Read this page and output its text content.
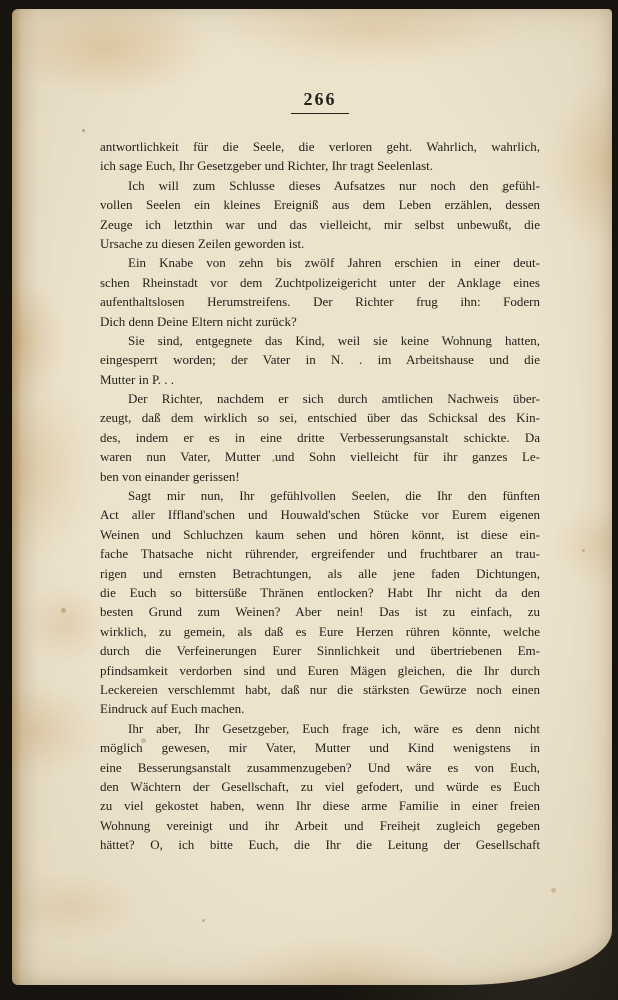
266
antwortlichkeit für die Seele, die verloren geht. Wahrlich, wahrlich,
ich sage Euch, Ihr Gesetzgeber und Richter, Ihr tragt Seelenlast.
Ich will zum Schlusse dieses Aufsatzes nur noch den gefühl-
vollen Seelen ein kleines Ereigniß aus dem Leben erzählen, dessen
Zeuge ich letzthin war und das vielleicht, mir selbst unbewußt, die
Ursache zu diesen Zeilen geworden ist.
Ein Knabe von zehn bis zwölf Jahren erschien in einer deut-
schen Rheinstadt vor dem Zuchtpolizeigericht unter der Anklage eines
aufenthaltslosen Herumstreifens. Der Richter frug ihn: Fodern
Dich denn Deine Eltern nicht zurück?
Sie sind, entgegnete das Kind, weil sie keine Wohnung hatten,
eingesperrt worden; der Vater in N. . im Arbeitshause und die
Mutter in P. . .
Der Richter, nachdem er sich durch amtlichen Nachweis über-
zeugt, daß dem wirklich so sei, entschied über das Schicksal des Kin-
des, indem er es in eine dritte Verbesserungsanstalt schickte. Da
waren nun Vater, Mutter und Sohn vielleicht für ihr ganzes Le-
ben von einander gerissen!
Sagt mir nun, Ihr gefühlvollen Seelen, die Ihr den fünften
Act aller Iffland'schen und Houwald'schen Stücke vor Eurem eigenen
Weinen und Schluchzen kaum sehen und hören könnt, ist diese ein-
fache Thatsache nicht rührender, ergreifender und fruchtbarer an trau-
rigen und ernsten Betrachtungen, als alle jene faden Dichtungen,
die Euch so bittersüße Thränen entlocken? Habt Ihr nicht da den
besten Grund zum Weinen? Aber nein! Das ist zu einfach, zu
wirklich, zu gemein, als daß es Eure Herzen rühren könnte, welche
durch die Verfeinerungen Eurer Sinnlichkeit und übertriebenen Em-
pfindsamkeit verdorben sind und Euren Mägen gleichen, die Ihr durch
Leckereien verschlemmt habt, daß nur die stärksten Gewürze noch einen
Eindruck auf Euch machen.
Ihr aber, Ihr Gesetzgeber, Euch frage ich, wäre es denn nicht
möglich gewesen, mir Vater, Mutter und Kind wenigstens in
eine Besserungsanstalt zusammenzugeben? Und wäre es von Euch,
den Wächtern der Gesellschaft, zu viel gefodert, und würde es Euch
zu viel gekostet haben, wenn Ihr diese arme Familie in einer freien
Wohnung vereinigt und ihr Arbeit und Freiheit zugleich gegeben
hättet? O, ich bitte Euch, die Ihr die Leitung der Gesellschaft
